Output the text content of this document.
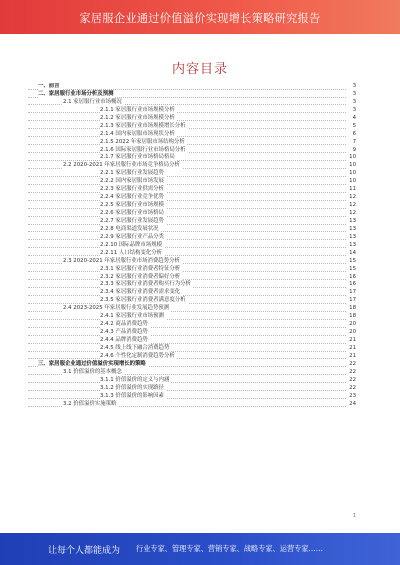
家居服企业通过价值溢价实现增长策略研究报告
内容目录
一、前言	3
二、家居服行业市场分析及预测	3
2.1 家居服行业市场概况	3
2.1.1 家居服行业市场规模分析	3
2.1.2 家居服行业市场规模分析	4
2.1.3 家居服行业市场规模增长分析	5
2.1.4 国内家居服市场现状分析	6
2.1.5 2022 年家居服市场结构分析	7
2.1.6 国际家居服行业市场格局分析	9
2.1.7 家居服行业市场格局格局	10
2.2 2020-2021 年家居服行业市场竞争格局分析	10
2.2.1 家居服行业发展趋势	10
2.2.2 国内家居服市场发展	10
2.2.3 家居服行业供需分析	11
2.2.4 家居服行业竞争优势	12
2.2.5 家居服行业市场规模	12
2.2.6 家居服行业市场格局	12
2.2.7 家居服行业发展趋势	13
2.2.8 电商渠道发展状况	13
2.2.9 家居服行业产品分类	13
2.2.10 国际品牌市场规模	13
2.2.11 人口结构变化分析	14
2.3 2020-2021 年家居服行业市场消费趋势分析	15
2.3.1 家居服行业消费者特征分析	15
2.3.2 家居服行业消费者偏好分析	16
2.3.3 家居服行业消费者购买行为分析	16
2.3.4 家居服行业消费者需求变化	17
2.3.5 家居服行业消费者满意度分析	17
2.4 2023-2025 年家居服行业发展趋势预测	18
2.4.1 家居服行业市场预测	18
2.4.2 商品消费趋势	20
2.4.3 产品消费趋势	20
2.4.4 品牌消费趋势	21
2.4.5 线上线下融合消费趋势	21
2.4.6 个性化定制消费趋势分析	21
三、家居服企业通过价值溢价实现增长的策略	22
3.1 价值溢价的基本概念	22
3.1.1 价值溢价的定义与内涵	22
3.1.2 价值溢价的实现路径	22
3.1.3 价值溢价的影响因素	23
3.2 价值溢价实施策略	24
1
让每个人都能成为 行业专家、管理专家、营销专家、战略专家、运营专家……
